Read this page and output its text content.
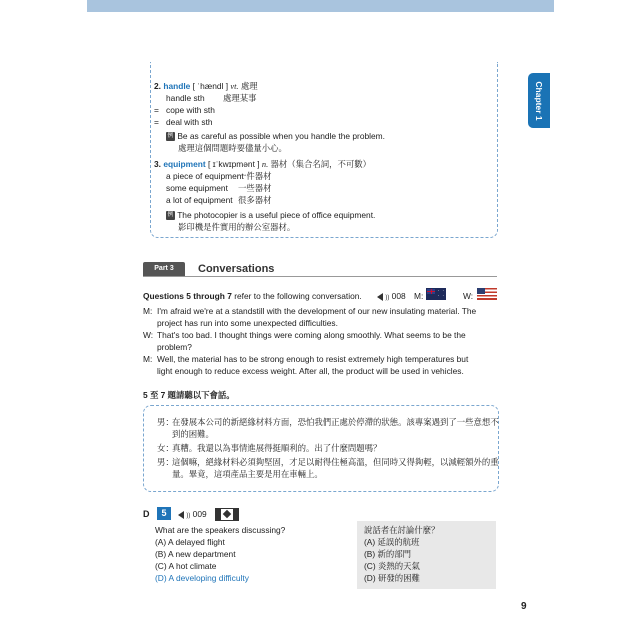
Chapter 1
2. handle [ ˈhændl ] vt. 處理
handle sth 處理某事
= cope with sth
= deal with sth
例 Be as careful as possible when you handle the problem.
處理這個問題時要儘量小心。
3. equipment [ ɪˈkwɪpmənt ] n. 器材（集合名詞，不可數）
a piece of equipment
一件器材
some equipment 一些器材
a lot of equipment 很多器材
例 The photocopier is a useful piece of office equipment.
影印機是件實用的辦公室器材。
Part 3	Conversations
Questions 5 through 7 refer to the following conversation.	)) 008 M:
· ·	W:
M: I'm afraid we're at a standstill with the development of our new insulating material. The
project has run into some unexpected difficulties.
W: That's too bad. I thought things were coming along smoothly. What seems to be the
problem?
M: Well, the material has to be strong enough to resist extremely high temperatures but
light enough to reduce excess weight. After all, the product will be used in vehicles.
5 至 7 題請聽以下會話。
男：
在發展本公司的新絕緣材料方面，恐怕我們正處於停滯的狀態。該專案遇到了一些意想不
到的困難。
女：
真糟。我還以為事情進展得挺順利的。出了什麼問題嗎？
男：
這個嘛，絕緣材料必須夠堅固，才足以耐得住極高溫，但同時又得夠輕，以減輕額外的重
量。畢竟，這項產品主要是用在車輛上。
D	5	)) 009
What are the speakers discussing?
(A) A delayed flight
(B) A new department
(C) A hot climate
(D) A developing difficulty
說話者在討論什麼？
(A) 延誤的航班
(B) 新的部門
(C) 炎熱的天氣
(D) 研發的困難
9
